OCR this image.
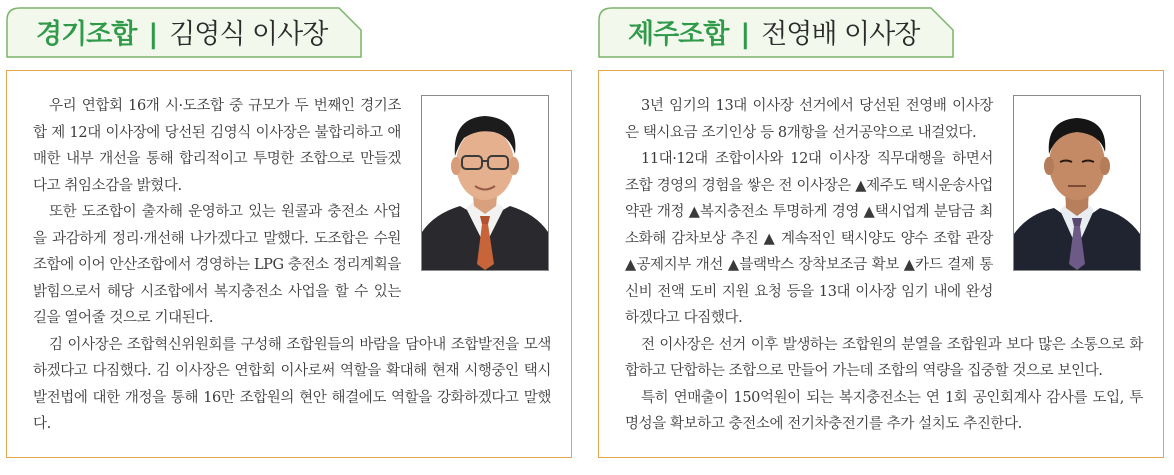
경기조합 | 김영식 이사장

우리 연합회 16개 시·도조합 중 규모가 두 번째인 경기조합 제 12대 이사장에 당선된 김영식 이사장은 불합리하고 애매한 내부 개선을 통해 합리적이고 투명한 조합으로 만들겠다고 취임소감을 밝혔다.

또한 도조합이 출자해 운영하고 있는 원콜과 충전소 사업을 과감하게 정리·개선해 나가겠다고 말했다. 도조합은 수원조합에 이어 안산조합에서 경영하는 LPG 충전소 정리계획을 밝힘으로서 해당 시조합에서 복지충전소 사업을 할 수 있는 길을 열어줄 것으로 기대된다.

김 이사장은 조합혁신위원회를 구성해 조합원들의 바람을 담아내 조합발전을 모색하겠다고 다짐했다. 김 이사장은 연합회 이사로써 역할을 확대해 현재 시행중인 택시 발전법에 대한 개정을 통해 16만 조합원의 현안 해결에도 역할을 강화하겠다고 말했다.

제주조합 | 전영배 이사장

3년 임기의 13대 이사장 선거에서 당선된 전영배 이사장은 택시요금 조기인상 등 8개항을 선거공약으로 내걸었다.

11대·12대 조합이사와 12대 이사장 직무대행을 하면서 조합 경영의 경험을 쌓은 전 이사장은 ▲제주도 택시운송사업약관 개정 ▲복지충전소 투명하게 경영 ▲택시업계 분담금 최소화해 감차보상 추진 ▲ 계속적인 택시양도 양수 조합 관장 ▲공제지부 개선 ▲블랙박스 장착보조금 확보 ▲카드 결제 통신비 전액 도비 지원 요청 등을 13대 이사장 임기 내에 완성하겠다고 다짐했다.

전 이사장은 선거 이후 발생하는 조합원의 분열을 조합원과 보다 많은 소통으로 화합하고 단합하는 조합으로 만들어 가는데 조합의 역량을 집중할 것으로 보인다.

특히 연매출이 150억원이 되는 복지충전소는 연 1회 공인회계사 감사를 도입, 투명성을 확보하고 충전소에 전기차충전기를 추가 설치도 추진한다.
